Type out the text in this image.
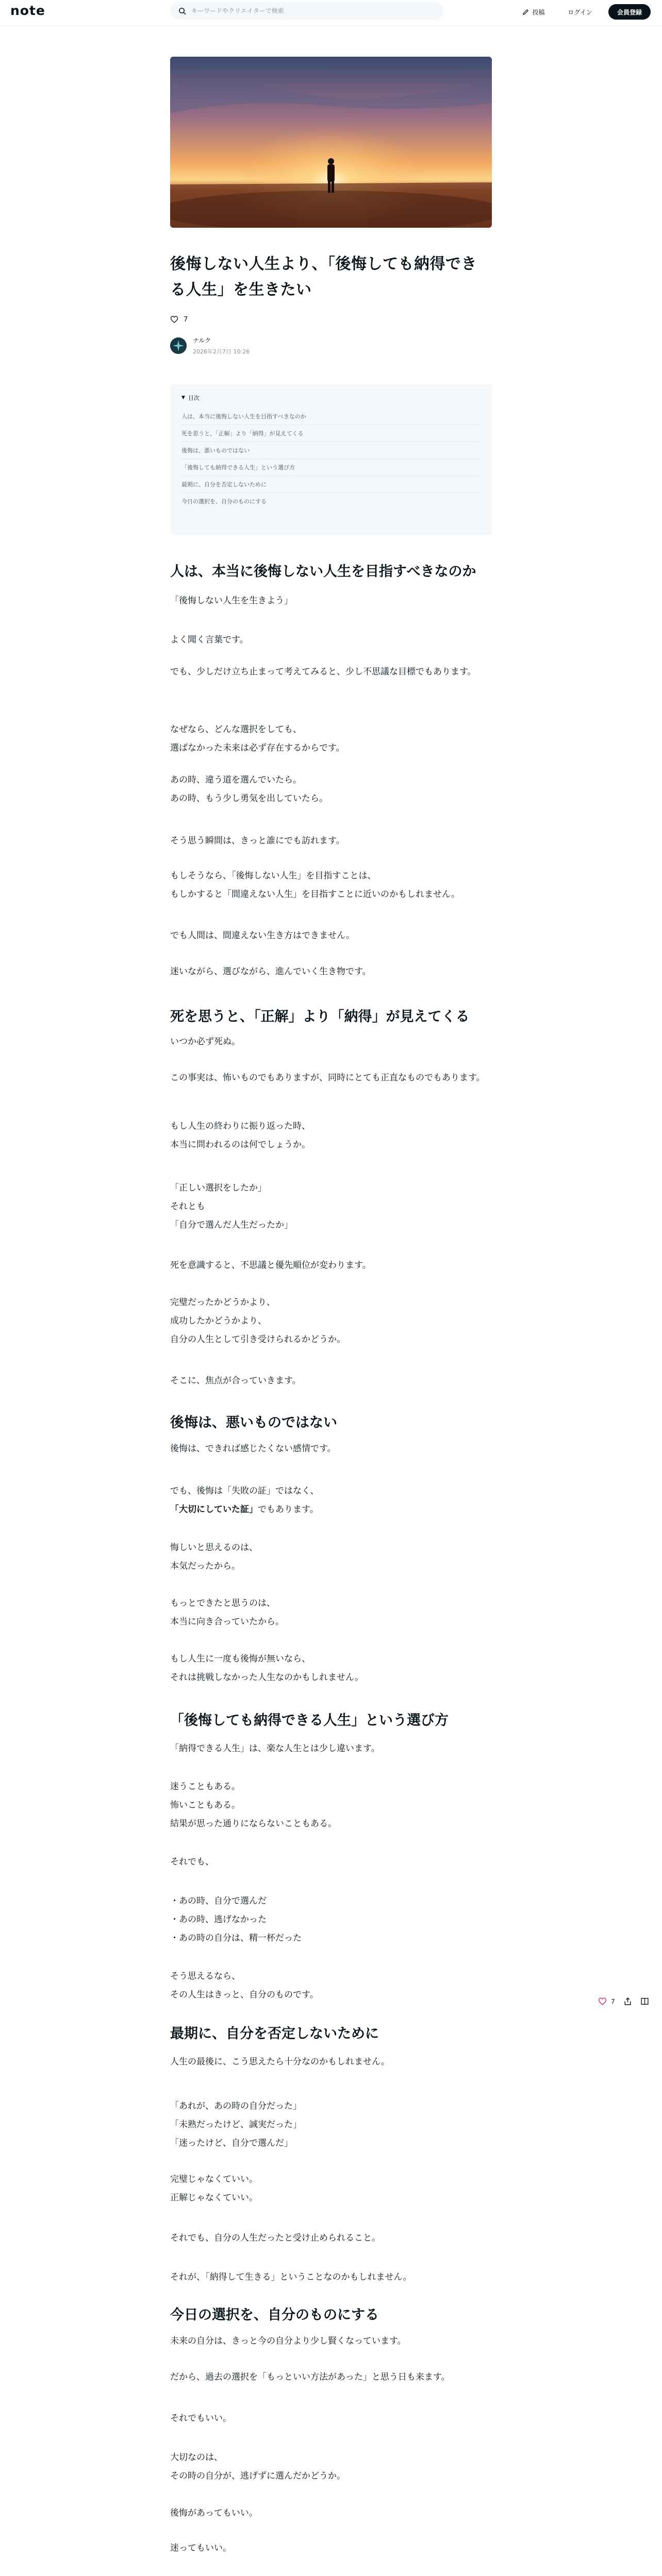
note
キーワードやクリエイターで検索	投稿	ログイン	会員登録
後悔しない人生より、「後悔しても納得できる人生」を生きたい
7
ナルク
2026年2月7日 10:26
▼ 目次
人は、本当に後悔しない人生を目指すべきなのか
死を思うと、「正解」より「納得」が見えてくる
後悔は、悪いものではない
「後悔しても納得できる人生」という選び方
最期に、自分を否定しないために
今日の選択を、自分のものにする
人は、本当に後悔しない人生を目指すべきなのか

「後悔しない人生を生きよう」

よく聞く言葉です。

でも、少しだけ立ち止まって考えてみると、少し不思議な目標でもあります。

なぜなら、どんな選択をしても、
選ばなかった未来は必ず存在するからです。

あの時、違う道を選んでいたら。
あの時、もう少し勇気を出していたら。

そう思う瞬間は、きっと誰にでも訪れます。

もしそうなら、「後悔しない人生」を目指すことは、
もしかすると「間違えない人生」を目指すことに近いのかもしれません。

でも人間は、間違えない生き方はできません。

迷いながら、選びながら、進んでいく生き物です。

死を思うと、「正解」より「納得」が見えてくる

いつか必ず死ぬ。

この事実は、怖いものでもありますが、同時にとても正直なものでもあります。

もし人生の終わりに振り返った時、
本当に問われるのは何でしょうか。

「正しい選択をしたか」
それとも
「自分で選んだ人生だったか」

死を意識すると、不思議と優先順位が変わります。

完璧だったかどうかより、
成功したかどうかより、
自分の人生として引き受けられるかどうか。

そこに、焦点が合っていきます。

後悔は、悪いものではない

後悔は、できれば感じたくない感情です。

でも、後悔は「失敗の証」ではなく、
「大切にしていた証」でもあります。

悔しいと思えるのは、
本気だったから。

もっとできたと思うのは、
本当に向き合っていたから。

もし人生に一度も後悔が無いなら、
それは挑戦しなかった人生なのかもしれません。

「後悔しても納得できる人生」という選び方

「納得できる人生」は、楽な人生とは少し違います。

迷うこともある。
怖いこともある。
結果が思った通りにならないこともある。

それでも、

・あの時、自分で選んだ
・あの時、逃げなかった
・あの時の自分は、精一杯だった

そう思えるなら、
その人生はきっと、自分のものです。

最期に、自分を否定しないために

人生の最後に、こう思えたら十分なのかもしれません。

「あれが、あの時の自分だった」
「未熟だったけど、誠実だった」
「迷ったけど、自分で選んだ」

完璧じゃなくていい。
正解じゃなくていい。

それでも、自分の人生だったと受け止められること。

それが、「納得して生きる」ということなのかもしれません。

今日の選択を、自分のものにする

未来の自分は、きっと今の自分より少し賢くなっています。

だから、過去の選択を「もっといい方法があった」と思う日も来ます。

それでもいい。

大切なのは、
その時の自分が、逃げずに選んだかどうか。

後悔があってもいい。

迷ってもいい。

7
